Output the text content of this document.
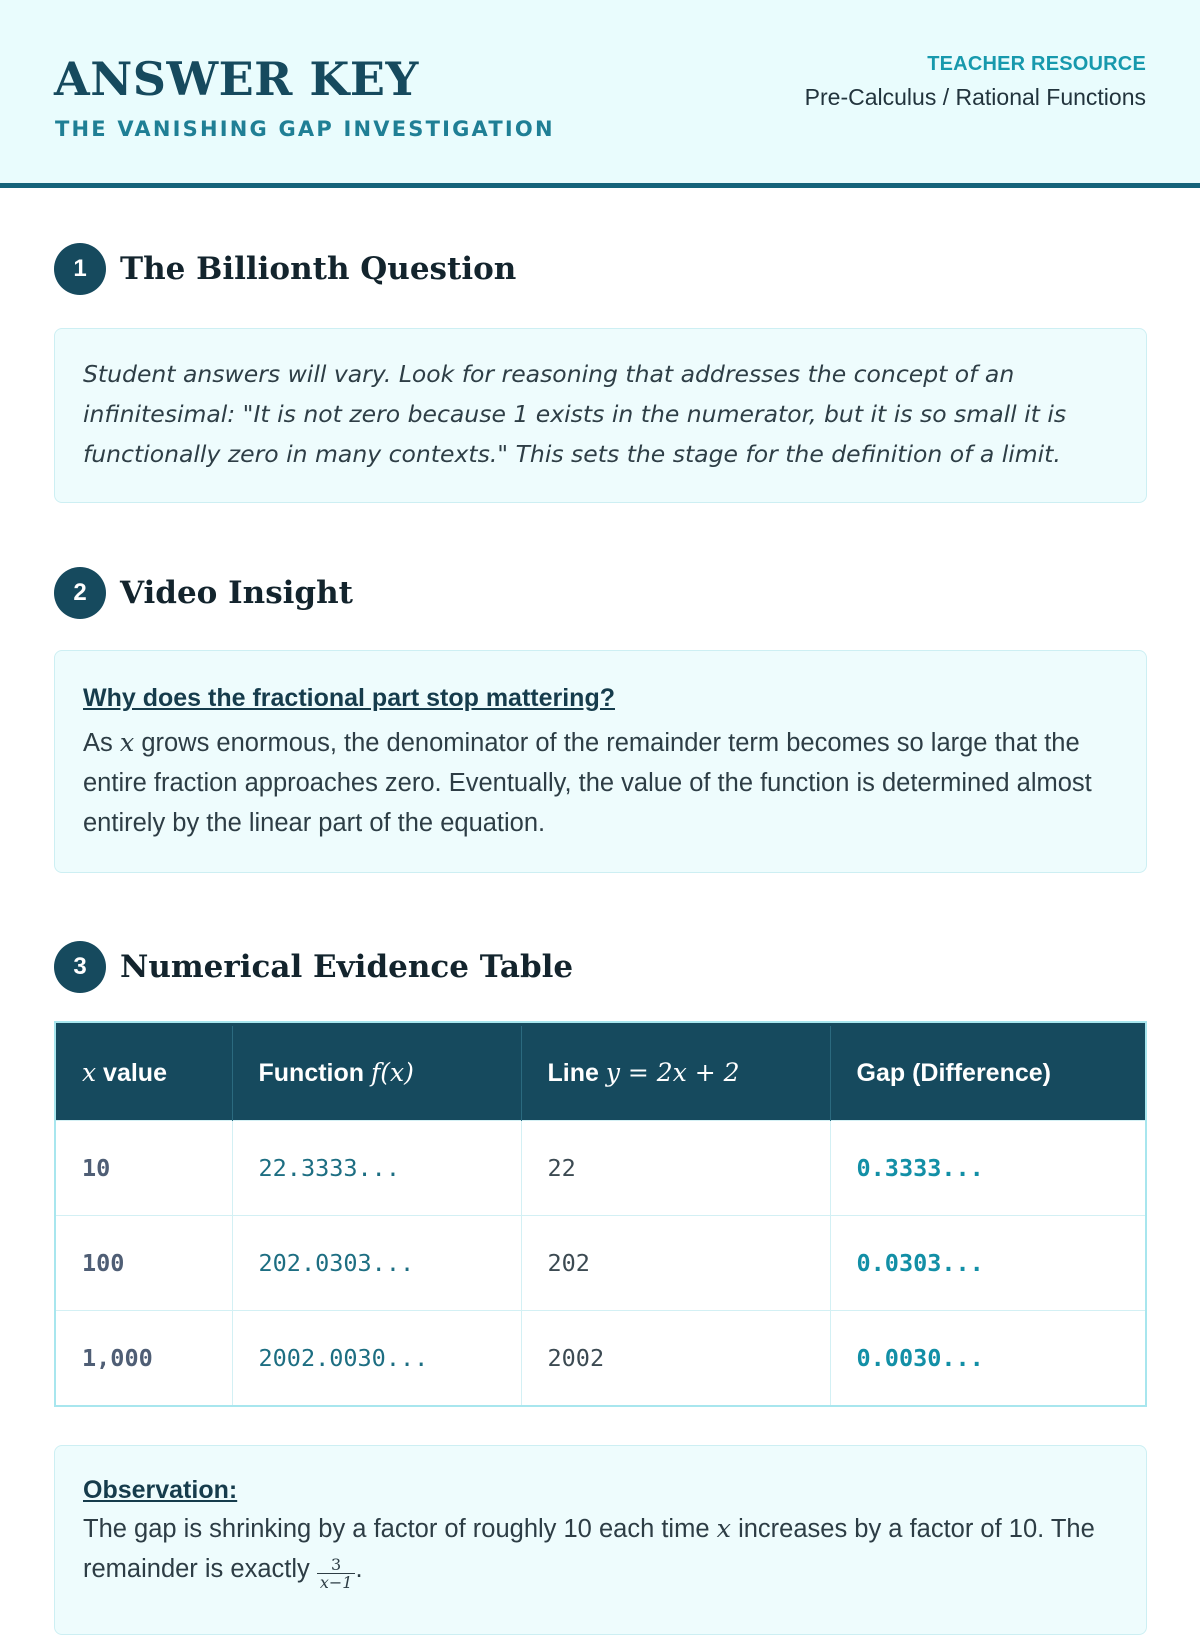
ANSWER KEY
THE VANISHING GAP INVESTIGATION
TEACHER RESOURCE
Pre-Calculus / Rational Functions
1	The Billionth Question
Student answers will vary. Look for reasoning that addresses the concept of an infinitesimal: "It is not zero because 1 exists in the numerator, but it is so small it is functionally zero in many contexts." This sets the stage for the definition of a limit.
2	Video Insight
Why does the fractional part stop mattering?
As x grows enormous, the denominator of the remainder term becomes so large that the entire fraction approaches zero. Eventually, the value of the function is determined almost entirely by the linear part of the equation.
3	Numerical Evidence Table
x value	Function f(x)	Line y = 2x + 2	Gap (Difference)
10	22.3333...	22	0.3333...
100	202.0303...	202	0.0303...
1,000	2002.0030...	2002	0.0030...
Observation:
The gap is shrinking by a factor of roughly 10 each time x increases by a factor of 10. The remainder is exactly $\frac{3}{x-1}$ .
